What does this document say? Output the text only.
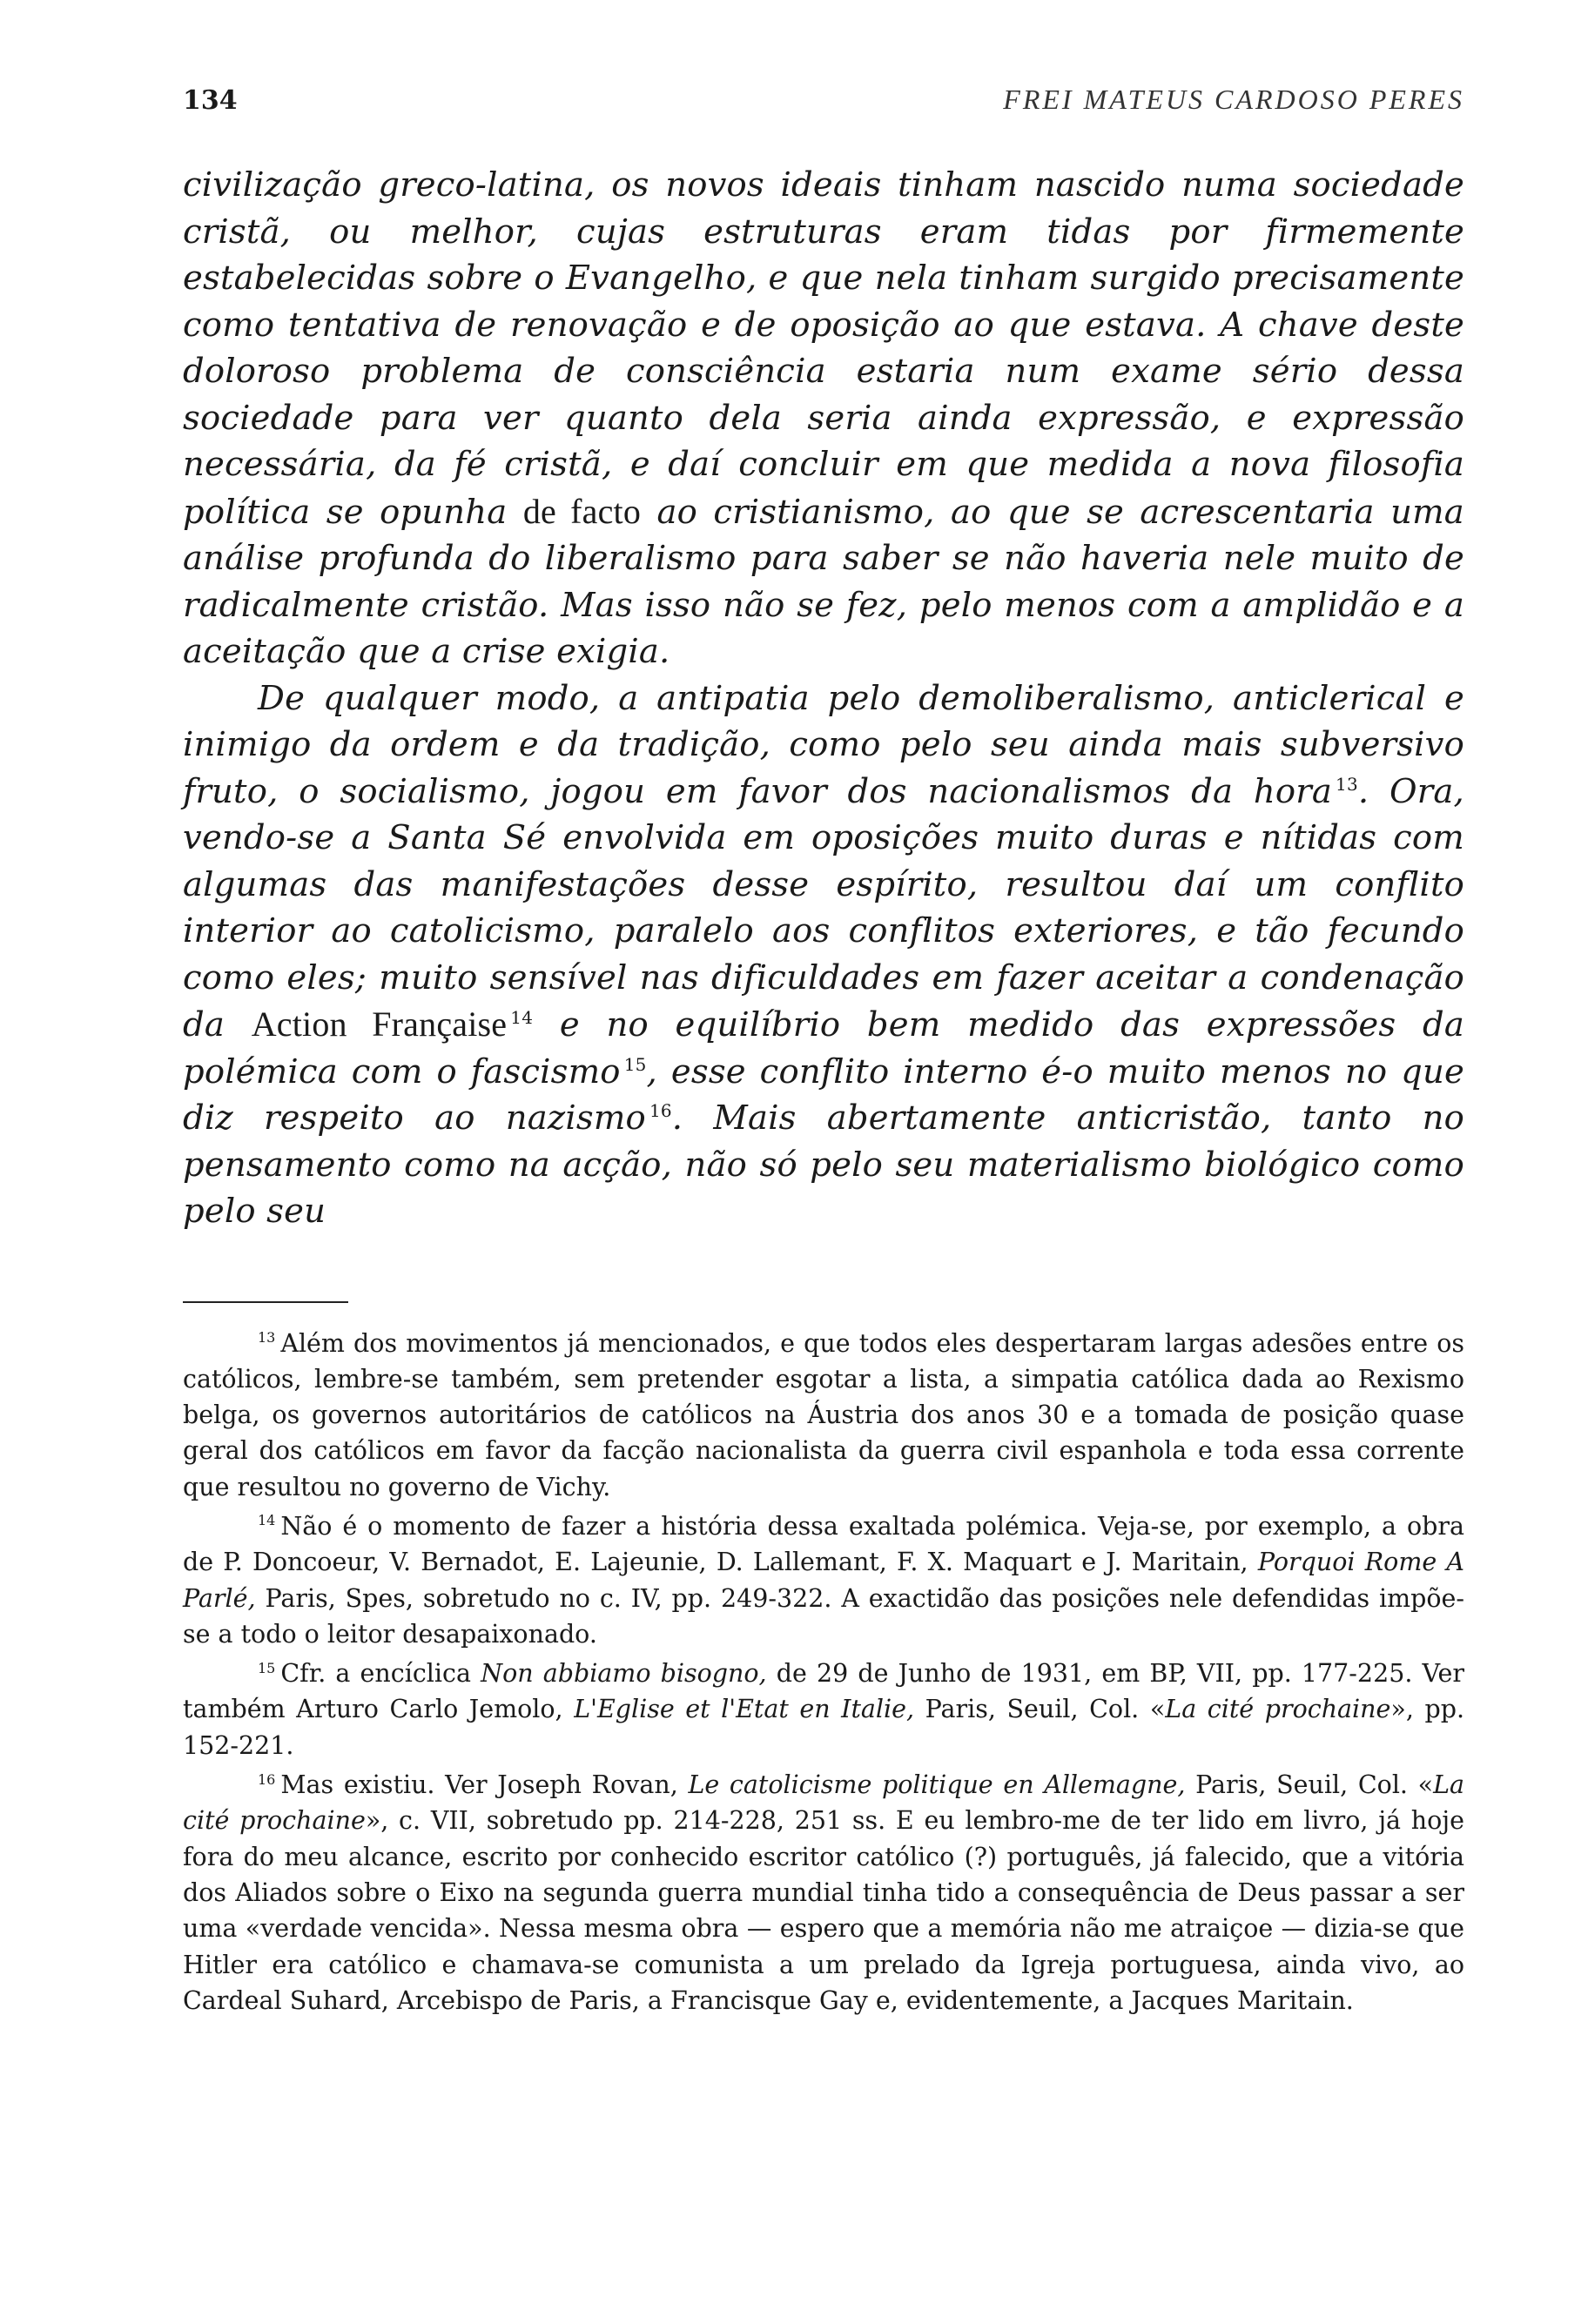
134	FREI MATEUS CARDOSO PERES

civilização greco-latina, os novos ideais tinham nascido numa sociedade cristã, ou melhor, cujas estruturas eram tidas por firmemente estabelecidas sobre o Evangelho, e que nela tinham surgido precisamente como tentativa de renovação e de oposição ao que estava. A chave deste doloroso problema de consciência estaria num exame sério dessa sociedade para ver quanto dela seria ainda expressão, e expressão necessária, da fé cristã, e daí concluir em que medida a nova filosofia política se opunha de facto ao cristianismo, ao que se acrescentaria uma análise profunda do liberalismo para saber se não haveria nele muito de radicalmente cristão. Mas isso não se fez, pelo menos com a amplidão e a aceitação que a crise exigia.

De qualquer modo, a antipatia pelo demoliberalismo, anticlerical e inimigo da ordem e da tradição, como pelo seu ainda mais subversivo fruto, o socialismo, jogou em favor dos nacionalismos da hora $^{13}$. Ora, vendo-se a Santa Sé envolvida em oposições muito duras e nítidas com algumas das manifestações desse espírito, resultou daí um conflito interior ao catolicismo, paralelo aos conflitos exteriores, e tão fecundo como eles; muito sensível nas dificuldades em fazer aceitar a condenação da Action Française $^{14}$ e no equilíbrio bem medido das expressões da polémica com o fascismo $^{15}$, esse conflito interno é-o muito menos no que diz respeito ao nazismo $^{16}$. Mais abertamente anticristão, tanto no pensamento como na acção, não só pelo seu materialismo biológico como pelo seu

$^{13}$ Além dos movimentos já mencionados, e que todos eles despertaram largas adesões entre os católicos, lembre-se também, sem pretender esgotar a lista, a simpatia católica dada ao Rexismo belga, os governos autoritários de católicos na Áustria dos anos 30 e a tomada de posição quase geral dos católicos em favor da facção nacionalista da guerra civil espanhola e toda essa corrente que resultou no governo de Vichy.

$^{14}$ Não é o momento de fazer a história dessa exaltada polémica. Veja-se, por exemplo, a obra de P. Doncoeur, V. Bernadot, E. Lajeunie, D. Lallemant, F. X. Maquart e J. Maritain, Porquoi Rome A Parlé, Paris, Spes, sobretudo no c. IV, pp. 249-322. A exactidão das posições nele defendidas impõe-se a todo o leitor desapaixonado.

$^{15}$ Cfr. a encíclica Non abbiamo bisogno, de 29 de Junho de 1931, em BP, VII, pp. 177-225. Ver também Arturo Carlo Jemolo, L'Eglise et l'Etat en Italie, Paris, Seuil, Col. «La cité prochaine», pp. 152-221.

$^{16}$ Mas existiu. Ver Joseph Rovan, Le catolicisme politique en Allemagne, Paris, Seuil, Col. «La cité prochaine», c. VII, sobretudo pp. 214-228, 251 ss. E eu lembro-me de ter lido em livro, já hoje fora do meu alcance, escrito por conhecido escritor católico (?) português, já falecido, que a vitória dos Aliados sobre o Eixo na segunda guerra mundial tinha tido a consequência de Deus passar a ser uma «verdade vencida». Nessa mesma obra — espero que a memória não me atraiçoe — dizia-se que Hitler era católico e chamava-se comunista a um prelado da Igreja portuguesa, ainda vivo, ao Cardeal Suhard, Arcebispo de Paris, a Francisque Gay e, evidentemente, a Jacques Maritain.
